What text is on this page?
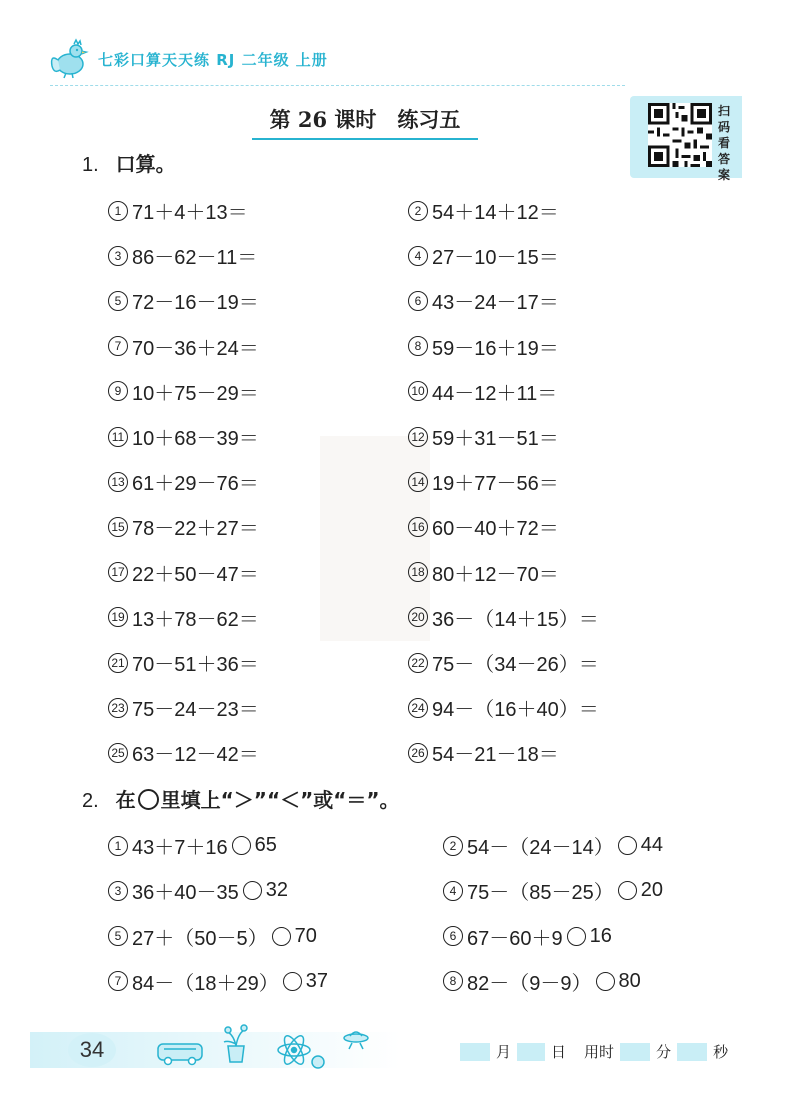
七彩口算天天练 RJ 二年级 上册
扫
码
看
答
案
第 26 课时　练习五
1. 口算。
1 71＋4＋13＝	2 54＋14＋12＝
3 86－62－11＝	4 27－10－15＝
5 72－16－19＝	6 43－24－17＝
7 70－36＋24＝	8 59－16＋19＝
9 10＋75－29＝	10 44－12＋11＝
11 10＋68－39＝	12 59＋31－51＝
13 61＋29－76＝	14 19＋77－56＝
15 78－22＋27＝	16 60－40＋72＝
17 22＋50－47＝	18 80＋12－70＝
19 13＋78－62＝	20 36－（14＋15）＝
21 70－51＋36＝	22 75－（34－26）＝
23 75－24－23＝	24 94－（16＋40）＝
25 63－12－42＝	26 54－21－18＝
2. 在 里填上“＞”“＜”或“＝”。
1 43＋7＋16 65	2 54－（24－14） 44
3 36＋40－35 32	4 75－（85－25） 20
5 27＋（50－5） 70	6 67－60＋9 16
7 84－（18＋29） 37	8 82－（9－9） 80
34	月	日 用时	分	秒
